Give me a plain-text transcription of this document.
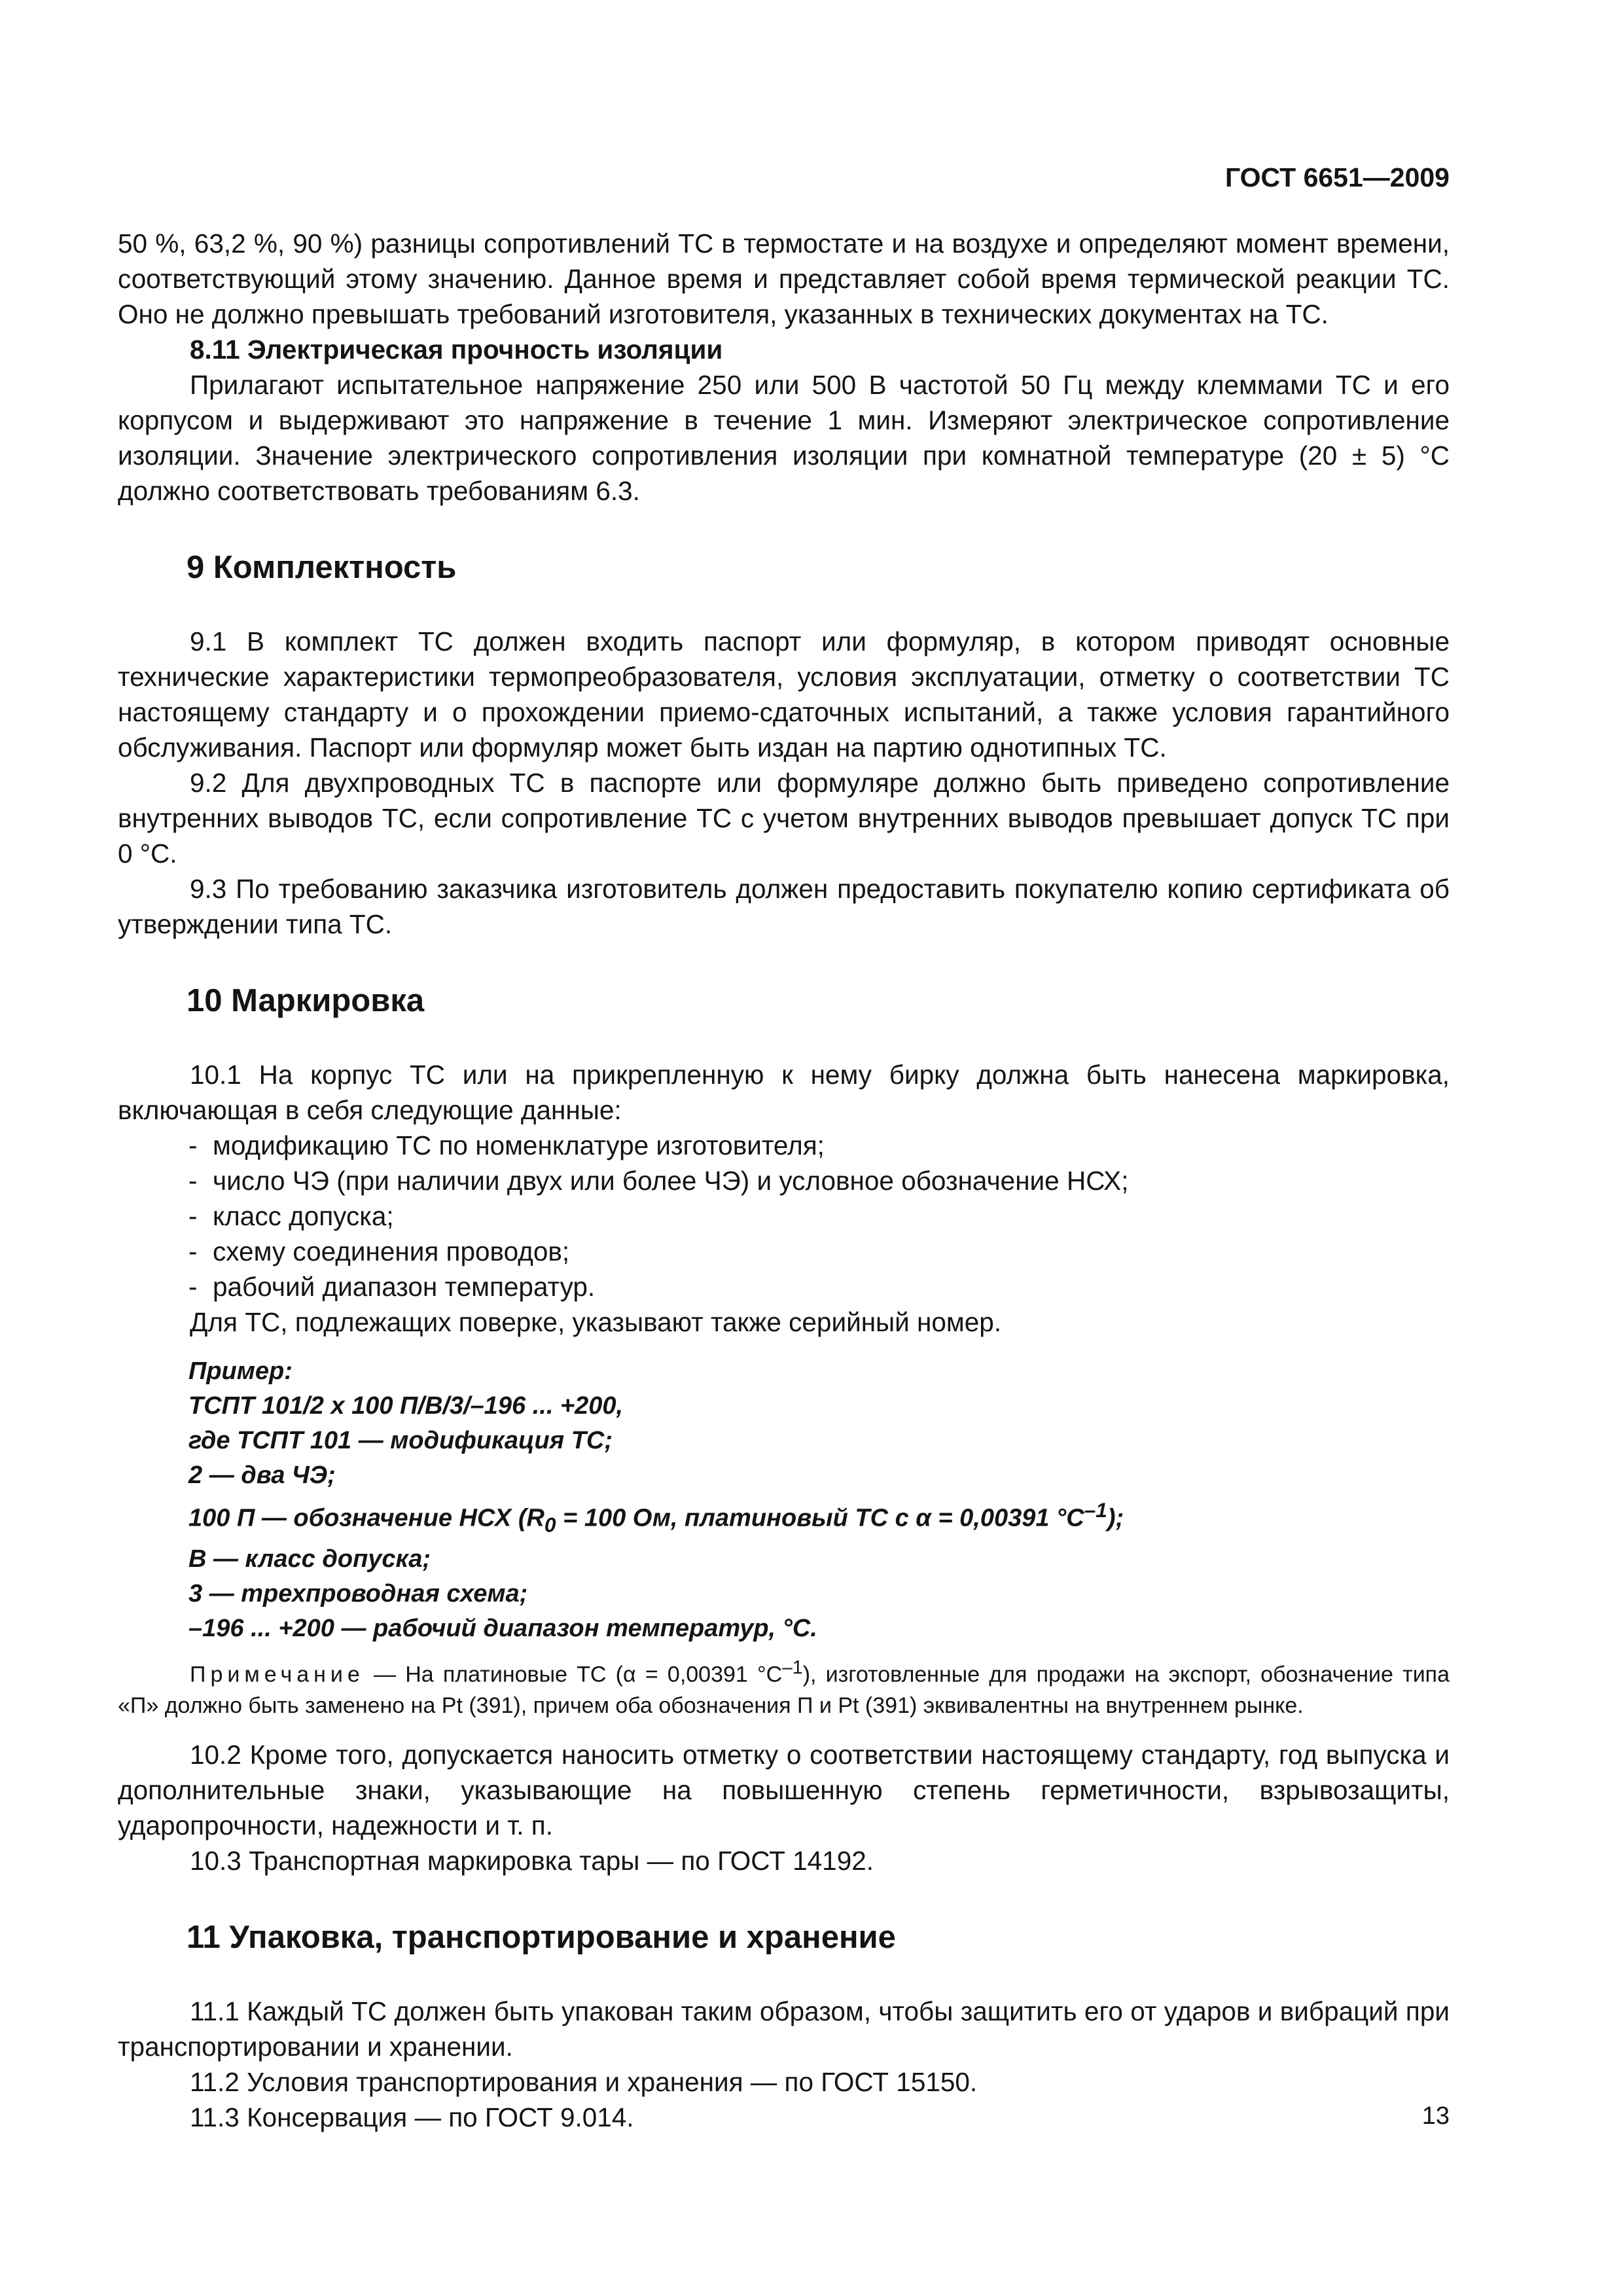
ГОСТ 6651—2009

50 %, 63,2 %, 90 %) разницы сопротивлений ТС в термостате и на воздухе и определяют момент времени, соответствующий этому значению. Данное время и представляет собой время термической реакции ТС. Оно не должно превышать требований изготовителя, указанных в технических документах на ТС.

8.11 Электрическая прочность изоляции

Прилагают испытательное напряжение 250 или 500 В частотой 50 Гц между клеммами ТС и его корпусом и выдерживают это напряжение в течение 1 мин. Измеряют электрическое сопротивление изоляции. Значение электрического сопротивления изоляции при комнатной температуре (20 ± 5) °С должно соответствовать требованиям 6.3.

9 Комплектность

9.1 В комплект ТС должен входить паспорт или формуляр, в котором приводят основные технические характеристики термопреобразователя, условия эксплуатации, отметку о соответствии ТС настоящему стандарту и о прохождении приемо-сдаточных испытаний, а также условия гарантийного обслуживания. Паспорт или формуляр может быть издан на партию однотипных ТС.

9.2 Для двухпроводных ТС в паспорте или формуляре должно быть приведено сопротивление внутренних выводов ТС, если сопротивление ТС с учетом внутренних выводов превышает допуск ТС при 0 °С.

9.3 По требованию заказчика изготовитель должен предоставить покупателю копию сертификата об утверждении типа ТС.

10 Маркировка

10.1 На корпус ТС или на прикрепленную к нему бирку должна быть нанесена маркировка, включающая в себя следующие данные:

- модификацию ТС по номенклатуре изготовителя;
- число ЧЭ (при наличии двух или более ЧЭ) и условное обозначение НСХ;
- класс допуска;
- схему соединения проводов;
- рабочий диапазон температур.

Для ТС, подлежащих поверке, указывают также серийный номер.

Пример:
ТСПТ 101/2 х 100 П/В/3/–196 ... +200,
где ТСПТ 101 — модификация ТС;
2 — два ЧЭ;
100 П — обозначение НСХ ($R_0 = 100$ Ом, платиновый ТС с α = 0,00391 $^\circ С^{-1}$);
В — класс допуска;
3 — трехпроводная схема;
–196 ... +200 — рабочий диапазон температур, °С.

Примечание — На платиновые ТС (α = 0,00391 $^\circ С^{-1}$), изготовленные для продажи на экспорт, обозначение типа «П» должно быть заменено на Pt (391), причем оба обозначения П и Pt (391) эквивалентны на внутреннем рынке.

10.2 Кроме того, допускается наносить отметку о соответствии настоящему стандарту, год выпуска и дополнительные знаки, указывающие на повышенную степень герметичности, взрывозащиты, ударопрочности, надежности и т. п.

10.3 Транспортная маркировка тары — по ГОСТ 14192.

11 Упаковка, транспортирование и хранение

11.1 Каждый ТС должен быть упакован таким образом, чтобы защитить его от ударов и вибраций при транспортировании и хранении.

11.2 Условия транспортирования и хранения — по ГОСТ 15150.

11.3 Консервация — по ГОСТ 9.014.	13
